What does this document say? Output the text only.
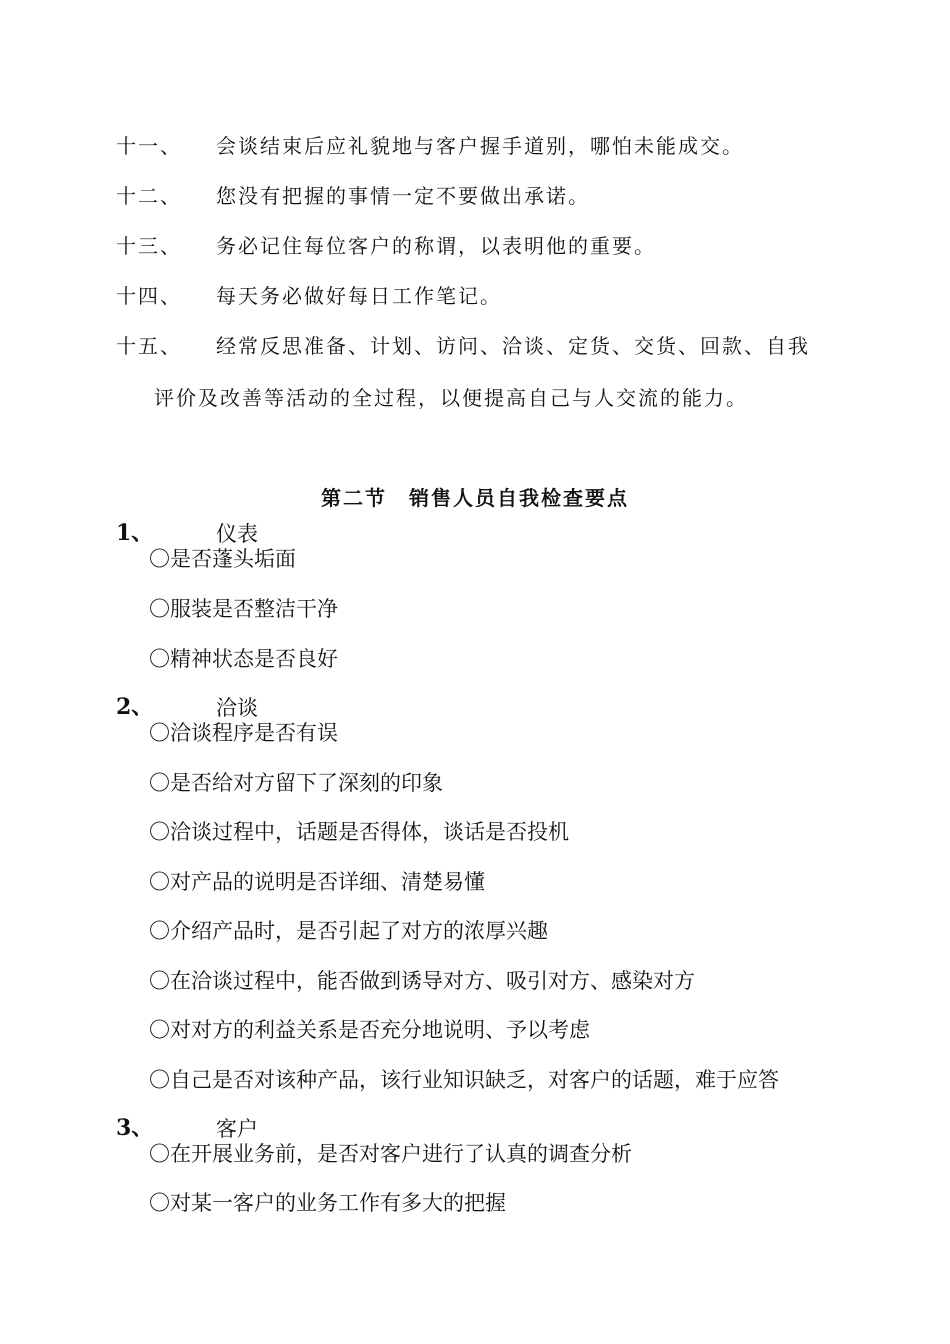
十一、	会谈结束后应礼貌地与客户握手道别，哪怕未能成交。
十二、	您没有把握的事情一定不要做出承诺。
十三、	务必记住每位客户的称谓，以表明他的重要。
十四、	每天务必做好每日工作笔记。
十五、	经常反思准备、计划、访问、洽谈、定货、交货、回款、自我
评价及改善等活动的全过程，以便提高自己与人交流的能力。
第二节 销售人员自我检查要点
1、	仪表
〇是否蓬头垢面
〇服装是否整洁干净
〇精神状态是否良好
2、	洽谈
〇洽谈程序是否有误
〇是否给对方留下了深刻的印象
〇洽谈过程中，话题是否得体，谈话是否投机
〇对产品的说明是否详细、清楚易懂
〇介绍产品时，是否引起了对方的浓厚兴趣
〇在洽谈过程中，能否做到诱导对方、吸引对方、感染对方
〇对对方的利益关系是否充分地说明、予以考虑
〇自己是否对该种产品，该行业知识缺乏，对客户的话题，难于应答
3、	客户
〇在开展业务前，是否对客户进行了认真的调查分析
〇对某一客户的业务工作有多大的把握
